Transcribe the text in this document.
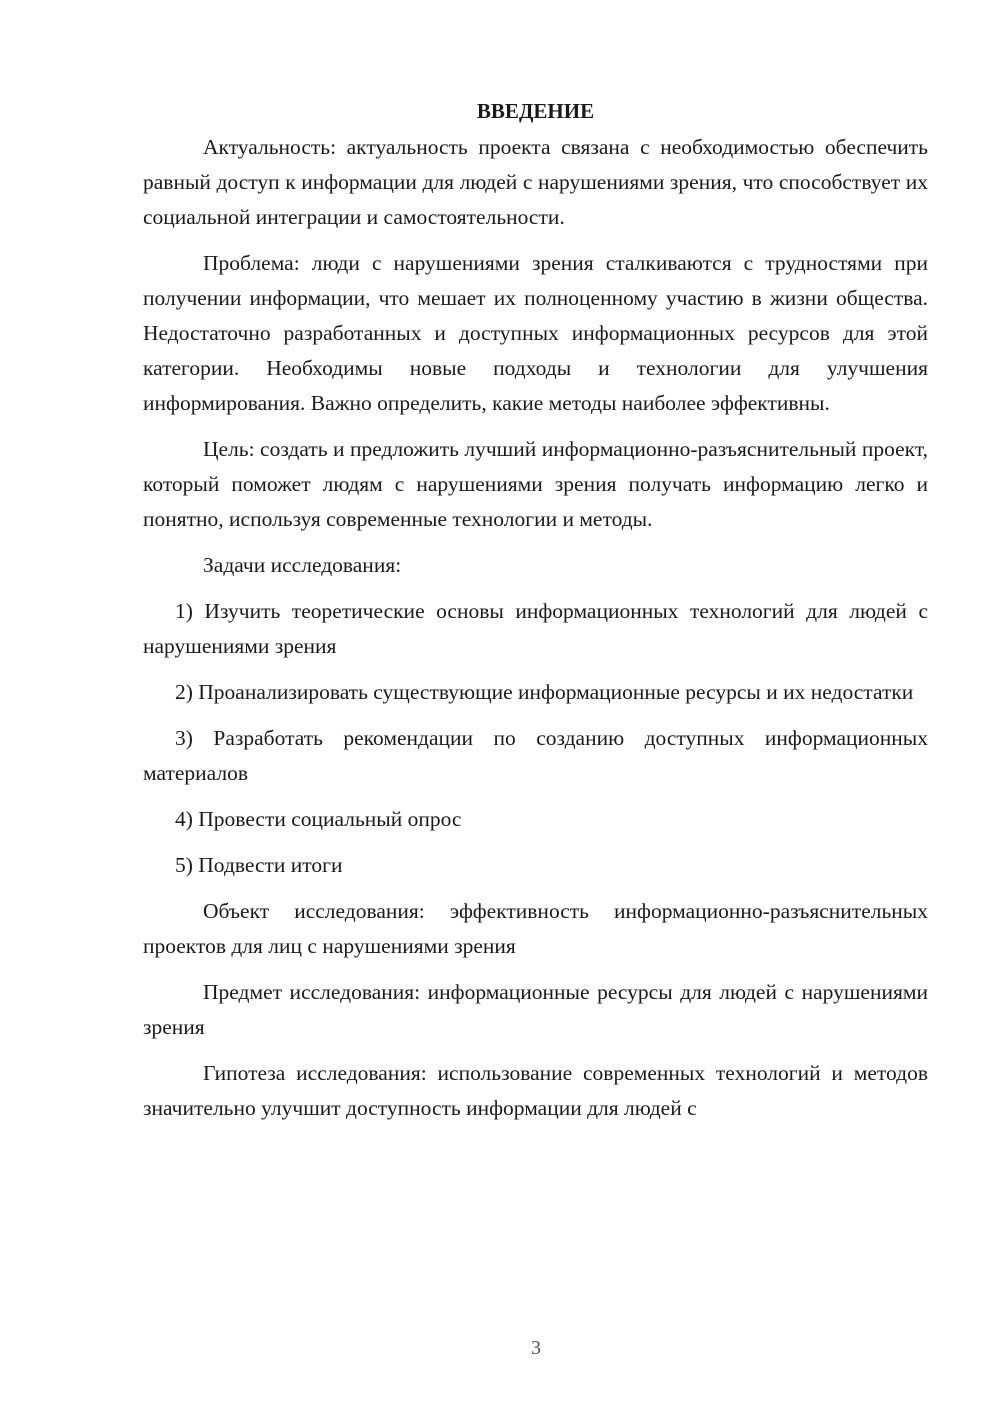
ВВЕДЕНИЕ

Актуальность: актуальность проекта связана с необходимостью обеспечить равный доступ к информации для людей с нарушениями зрения, что способствует их социальной интеграции и самостоятельности.

Проблема: люди с нарушениями зрения сталкиваются с трудностями при получении информации, что мешает их полноценному участию в жизни общества. Недостаточно разработанных и доступных информационных ресурсов для этой категории. Необходимы новые подходы и технологии для улучшения информирования. Важно определить, какие методы наиболее эффективны.

Цель: создать и предложить лучший информационно-разъяснительный проект, который поможет людям с нарушениями зрения получать информацию легко и понятно, используя современные технологии и методы.

Задачи исследования:

1) Изучить теоретические основы информационных технологий для людей с нарушениями зрения

2) Проанализировать существующие информационные ресурсы и их недостатки

3) Разработать рекомендации по созданию доступных информационных материалов

4) Провести социальный опрос

5) Подвести итоги

Объект исследования: эффективность информационно-разъяснительных проектов для лиц с нарушениями зрения

Предмет исследования: информационные ресурсы для людей с нарушениями зрения

Гипотеза исследования: использование современных технологий и методов значительно улучшит доступность информации для людей с

3
